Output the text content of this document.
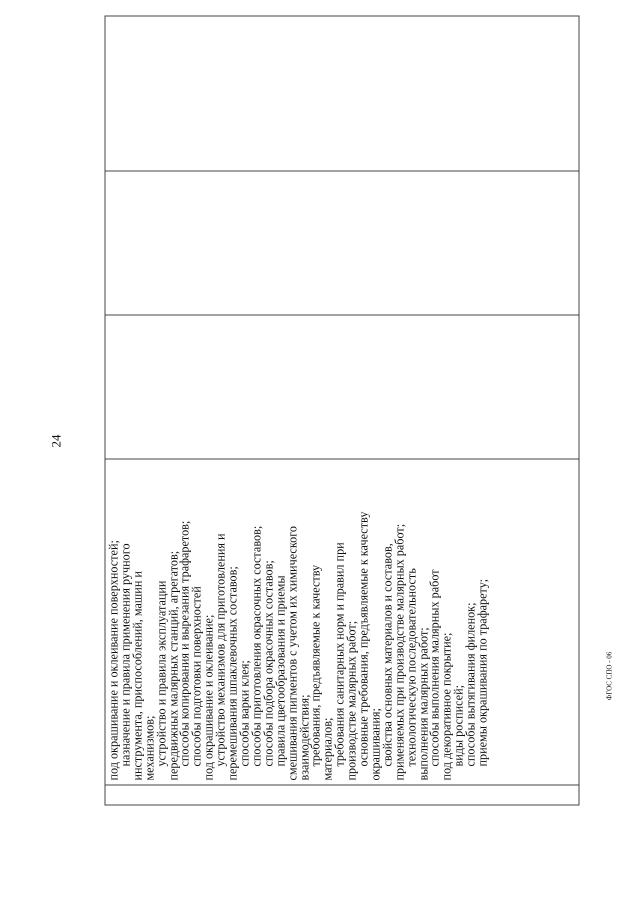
24
под окрашивание и оклеивание поверхностей;
назначение и правила применения ручного
инструмента, приспособлений, машин и
механизмов;
устройство и правила эксплуатации
передвижных малярных станций, агрегатов;
способы копирования и вырезания трафаретов;
способы подготовки поверхностей
под окрашивание и оклеивание;
устройство механизмов для приготовления и
перемешивания шпаклевочных составов;
способы варки клея;
способы приготовления окрасочных составов;
способы подбора окрасочных составов;
правила цветообразования и приемы
смешивания пигментов с учетом их химического
взаимодействия;
требования, предъявляемые к качеству
материалов;
требования санитарных норм и правил при
производстве малярных работ;
основные требования, предъявляемые к качеству
окрашивания;
свойства основных материалов и составов,
применяемых при производстве малярных работ;
технологическую последовательность
выполнения малярных работ;
способы выполнения малярных работ
под декоративное покрытие;
виды росписей;
способы вытягивания филенок;
приемы окрашивания по трафарету;	ФГОС СПО - 06
